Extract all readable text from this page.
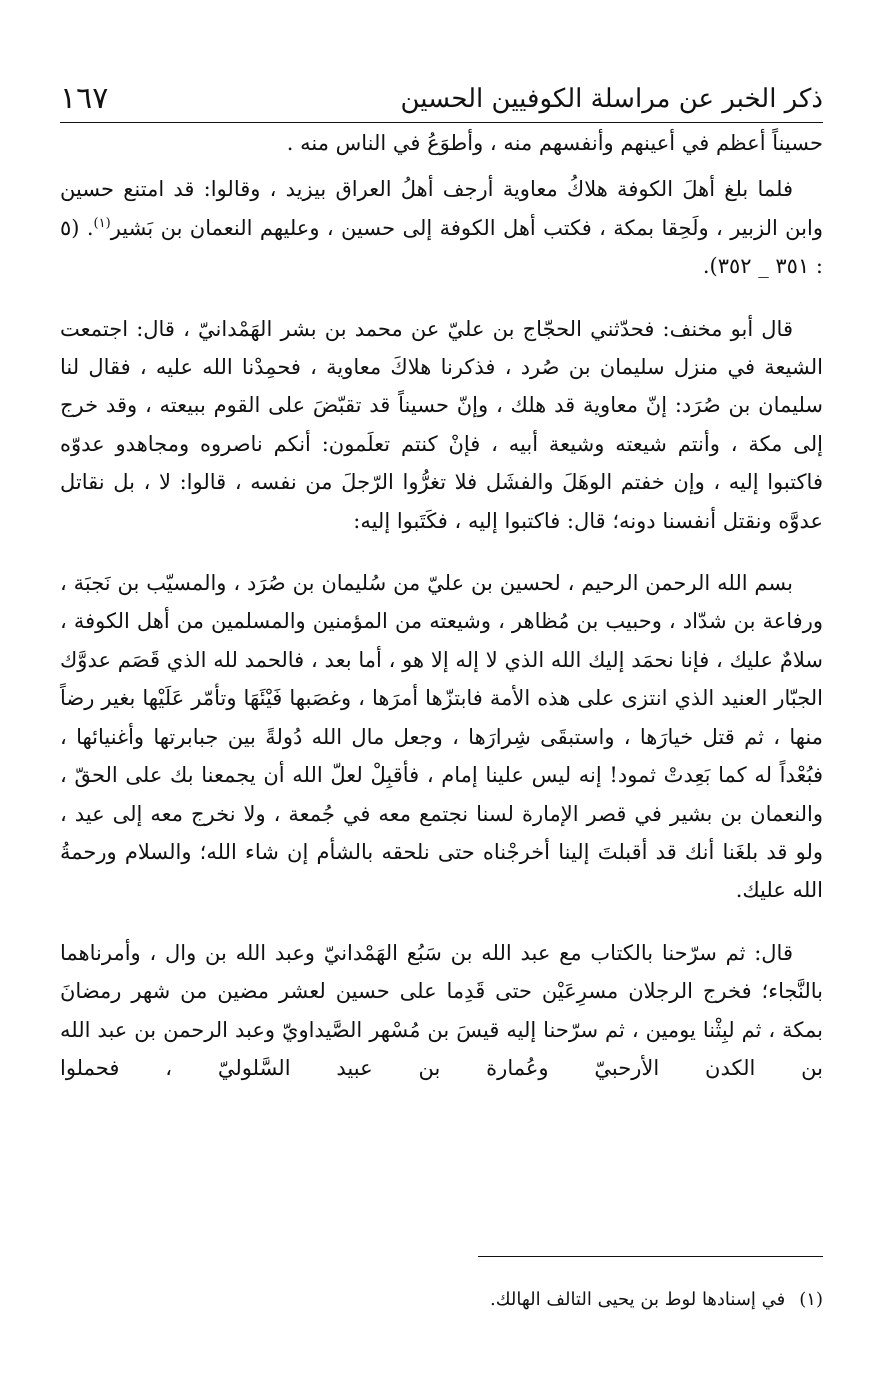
ذكر الخبر عن مراسلة الكوفيين الحسين
١٦٧

حسيناً أعظم في أعينهم وأنفسهم منه ، وأطوَعُ في الناس منه .

فلما بلغ أهلَ الكوفة هلاكُ معاوية أرجف أهلُ العراق بيزيد ، وقالوا: قد امتنع حسين وابن الزبير ، ولَحِقا بمكة ، فكتب أهل الكوفة إلى حسين ، وعليهم النعمان بن بَشير$^{(١)}$. (٥ : ٣٥١ _ ٣٥٢).

قال أبو مخنف: فحدّثني الحجّاج بن عليّ عن محمد بن بشر الهَمْدانيّ ، قال: اجتمعت الشيعة في منزل سليمان بن صُرد ، فذكرنا هلاكَ معاوية ، فحمِدْنا الله عليه ، فقال لنا سليمان بن صُرَد: إنّ معاوية قد هلك ، وإنّ حسيناً قد تقبّضَ على القوم ببيعته ، وقد خرج إلى مكة ، وأنتم شيعته وشيعة أبيه ، فإنْ كنتم تعلَمون: أنكم ناصروه ومجاهدو عدوّه فاكتبوا إليه ، وإن خفتم الوهَلَ والفشَل فلا تغرُّوا الرّجلَ من نفسه ، قالوا: لا ، بل نقاتل عدوَّه ونقتل أنفسنا دونه؛ قال: فاكتبوا إليه ، فكَتَبوا إليه:

بسم الله الرحمن الرحيم ، لحسين بن عليّ من سُليمان بن صُرَد ، والمسيّب بن نَجبَة ، ورفاعة بن شدّاد ، وحبيب بن مُظاهر ، وشيعته من المؤمنين والمسلمين من أهل الكوفة ، سلامٌ عليك ، فإنا نحمَد إليك الله الذي لا إله إلا هو ، أما بعد ، فالحمد لله الذي قَصَم عدوَّك الجبّار العنيد الذي انتزى على هذه الأمة فابتزّها أمرَها ، وغصَبها فَيْئَهَا وتأمّر عَلَيْها بغير رضاً منها ، ثم قتل خيارَها ، واستبقَى شِرارَها ، وجعل مال الله دُولةً بين جبابرتها وأغنيائها ، فبُعْداً له كما بَعِدتْ ثمود! إنه ليس علينا إمام ، فأقبِلْ لعلّ الله أن يجمعنا بك على الحقّ ، والنعمان بن بشير في قصر الإمارة لسنا نجتمع معه في جُمعة ، ولا نخرج معه إلى عيد ، ولو قد بلغَنا أنك قد أقبلتَ إلينا أخرجْناه حتى نلحقه بالشأم إن شاء الله؛ والسلام ورحمةُ الله عليك.

قال: ثم سرّحنا بالكتاب مع عبد الله بن سَبُع الهَمْدانيّ وعبد الله بن وال ، وأمرناهما بالنَّجاء؛ فخرج الرجلان مسرِعَيْن حتى قَدِما على حسين لعشر مضين من شهر رمضانَ بمكة ، ثم لبِثْنا يومين ، ثم سرّحنا إليه قيسَ بن مُسْهر الصَّيداويّ وعبد الرحمن بن عبد الله بن الكدن الأرحبيّ وعُمارة بن عبيد السَّلوليّ ، فحملوا

(١)في إسنادها لوط بن يحيى التالف الهالك.
